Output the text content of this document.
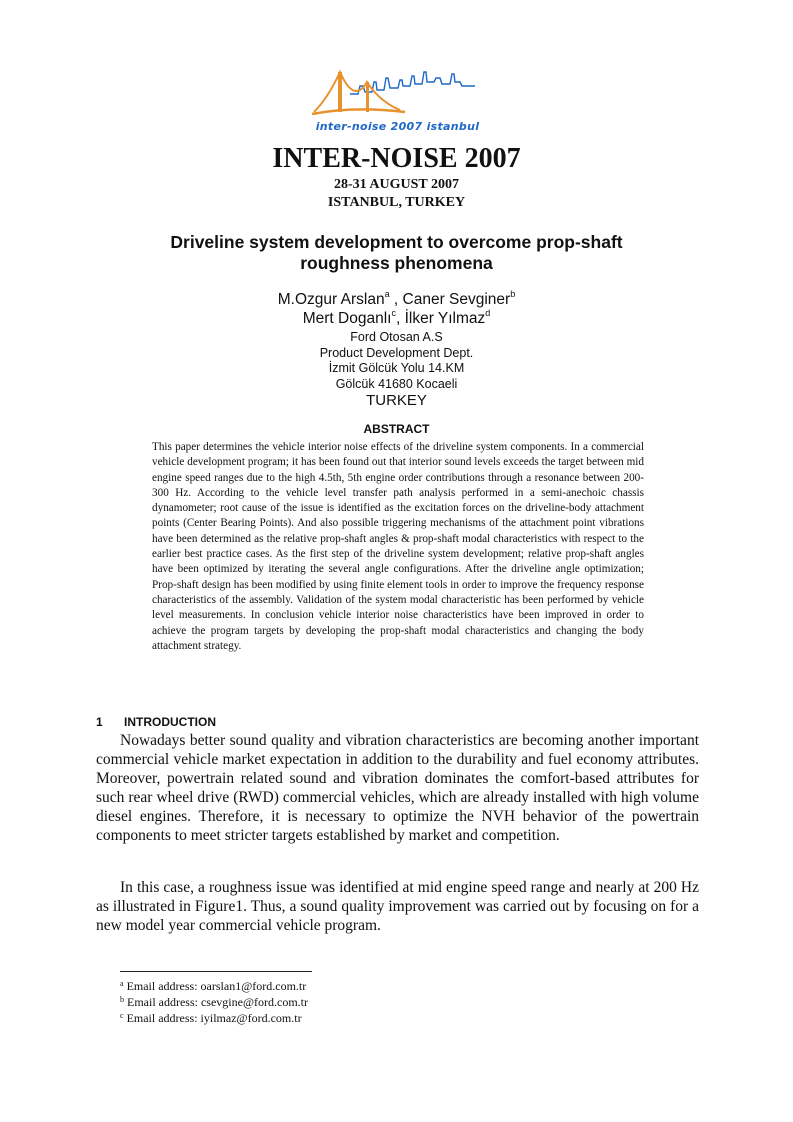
inter-noise 2007 istanbul
INTER-NOISE 2007
28-31 AUGUST 2007
ISTANBUL, TURKEY
Driveline system development to overcome prop-shaft roughness phenomena
M.Ozgur Arslan$^a$ , Caner Sevginer$^b$
Mert Doganlı$^c$, İlker Yılmaz$^d$
Ford Otosan A.S
Product Development Dept.
İzmit Gölcük Yolu 14.KM
Gölcük 41680 Kocaeli
TURKEY
ABSTRACT
This paper determines the vehicle interior noise effects of the driveline system components. In a commercial vehicle development program; it has been found out that interior sound levels exceeds the target between mid engine speed ranges due to the high 4.5th, 5th engine order contributions through a resonance between 200-300 Hz. According to the vehicle level transfer path analysis performed in a semi-anechoic chassis dynamometer; root cause of the issue is identified as the excitation forces on the driveline-body attachment points (Center Bearing Points). And also possible triggering mechanisms of the attachment point vibrations have been determined as the relative prop-shaft angles & prop-shaft modal characteristics with respect to the earlier best practice cases. As the first step of the driveline system development; relative prop-shaft angles have been optimized by iterating the several angle configurations. After the driveline angle optimization; Prop-shaft design has been modified by using finite element tools in order to improve the frequency response characteristics of the assembly. Validation of the system modal characteristic has been performed by vehicle level measurements. In conclusion vehicle interior noise characteristics have been improved in order to achieve the program targets by developing the prop-shaft modal characteristics and changing the body attachment strategy.
1 INTRODUCTION
Nowadays better sound quality and vibration characteristics are becoming another important commercial vehicle market expectation in addition to the durability and fuel economy attributes. Moreover, powertrain related sound and vibration dominates the comfort-based attributes for such rear wheel drive (RWD) commercial vehicles, which are already installed with high volume diesel engines. Therefore, it is necessary to optimize the NVH behavior of the powertrain components to meet stricter targets established by market and competition.
In this case, a roughness issue was identified at mid engine speed range and nearly at 200 Hz as illustrated in Figure1. Thus, a sound quality improvement was carried out by focusing on for a new model year commercial vehicle program.
$^a$ Email address: oarslan1@ford.com.tr
$^b$ Email address: csevgine@ford.com.tr
$^c$ Email address: iyilmaz@ford.com.tr
